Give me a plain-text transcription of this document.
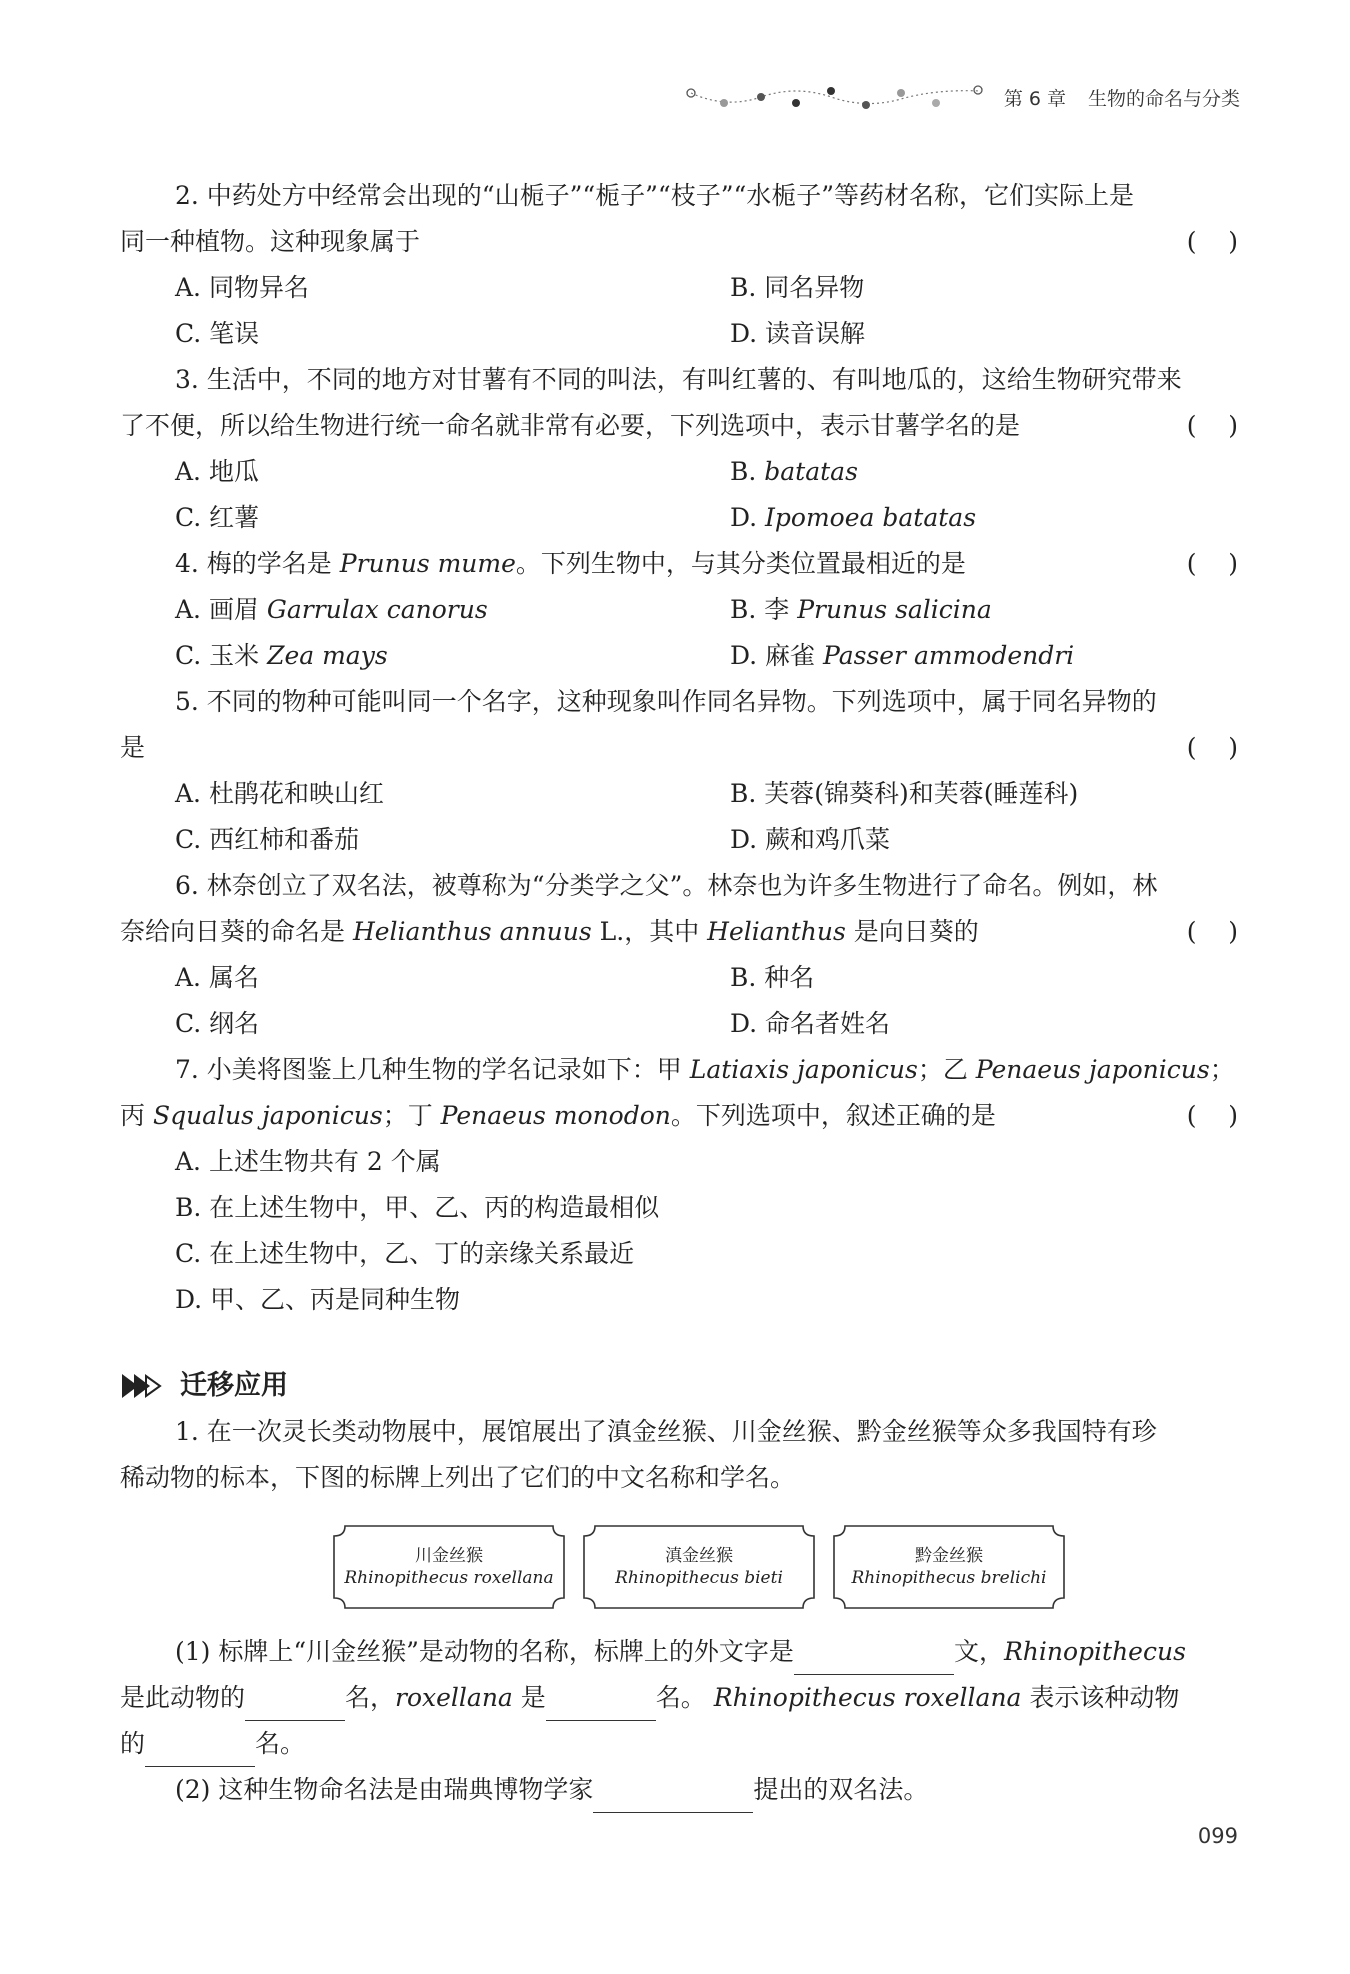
第 6 章 生物的命名与分类
2. 中药处方中经常会出现的“山栀子”“栀子”“枝子”“水栀子”等药材名称，它们实际上是
同一种植物。这种现象属于	(    )
A. 同物异名	B. 同名异物
C. 笔误	D. 读音误解
3. 生活中，不同的地方对甘薯有不同的叫法，有叫红薯的、有叫地瓜的，这给生物研究带来
了不便，所以给生物进行统一命名就非常有必要，下列选项中，表示甘薯学名的是	(    )
A. 地瓜	B. batatas
C. 红薯	D. Ipomoea batatas
4. 梅的学名是 Prunus mume。下列生物中，与其分类位置最相近的是	(    )
A. 画眉 Garrulax canorus	B. 李 Prunus salicina
C. 玉米 Zea mays	D. 麻雀 Passer ammodendri
5. 不同的物种可能叫同一个名字，这种现象叫作同名异物。下列选项中，属于同名异物的
是	(    )
A. 杜鹃花和映山红	B. 芙蓉(锦葵科)和芙蓉(睡莲科)
C. 西红柿和番茄	D. 蕨和鸡爪菜
6. 林奈创立了双名法，被尊称为“分类学之父”。林奈也为许多生物进行了命名。例如，林
奈给向日葵的命名是 Helianthus annuus L.，其中 Helianthus 是向日葵的	(    )
A. 属名	B. 种名
C. 纲名	D. 命名者姓名
7. 小美将图鉴上几种生物的学名记录如下：甲 Latiaxis japonicus；乙 Penaeus japonicus；
丙 Squalus japonicus；丁 Penaeus monodon。下列选项中，叙述正确的是	(    )
A. 上述生物共有 2 个属
B. 在上述生物中，甲、乙、丙的构造最相似
C. 在上述生物中，乙、丁的亲缘关系最近
D. 甲、乙、丙是同种生物
迁移应用
1. 在一次灵长类动物展中，展馆展出了滇金丝猴、川金丝猴、黔金丝猴等众多我国特有珍
稀动物的标本，下图的标牌上列出了它们的中文名称和学名。
川金丝猴
Rhinopithecus roxellana
滇金丝猴
Rhinopithecus bieti
黔金丝猴
Rhinopithecus brelichi
(1) 标牌上“川金丝猴”是动物的名称，标牌上的外文字是	文，Rhinopithecus
是此动物的	名，roxellana 是	名。 Rhinopithecus roxellana 表示该种动物
的	名。
(2) 这种生物命名法是由瑞典博物学家	提出的双名法。
099
